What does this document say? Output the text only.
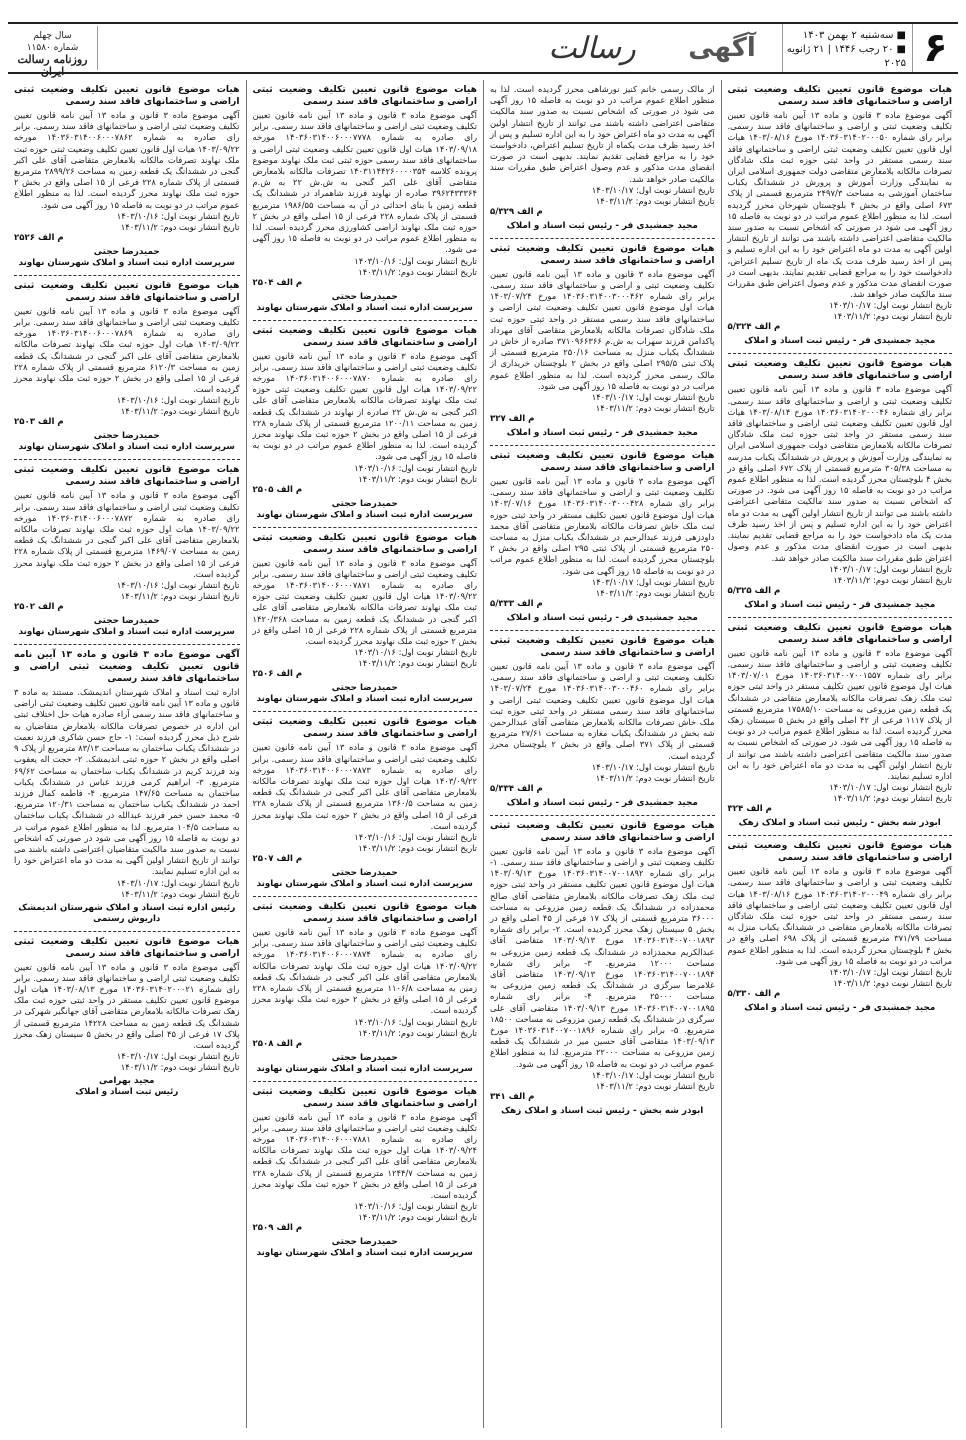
۶
■سه‌شنبه ۲ بهمن ۱۴۰۳
■۲۰ رجب ۱۴۴۶ | ۲۱ ژانویه ۲۰۲۵
آگهی
رسالت
سال چهلم
شماره ۱۱۵۸۰
روزنامه رسالت ایران
هیات موضوع قانون تعیین تکلیف وضعیت ثبتی اراضی و ساختمانهای فاقد سند رسمی
آگهی موضوع ماده ۳ قانون و ماده ۱۳ آیین نامه قانون تعیین تکلیف وضعیت ثبتی و اراضی و ساختمانهای فاقد سند رسمی. برابر رای شماره ۱۴۰۳۶۰۳۱۴۰۲۰۰۰۵۰ مورخ ۱۴۰۳/۰۸/۱۶ هیات اول قانون تعیین تکلیف وضعیت ثبتی اراضی و ساختمانهای فاقد سند رسمی مستقر در واحد ثبتی حوزه ثبت ملک شادگان تصرفات مالکانه بلامعارض متقاضی دولت جمهوری اسلامی ایران به نمایندگی وزارت آموزش و پرورش در ششدانگ یکباب ساختمان آموزشی به مساحت ۲۴۹۷/۳ مترمربع قسمتی از پلاک ۶۷۳ اصلی واقع در بخش ۴ بلوچستان شهرخان محرز گردیده است. لذا به منظور اطلاع عموم مراتب در دو نوبت به فاصله ۱۵ روز آگهی می شود در صورتی که اشخاص نسبت به صدور سند مالکیت متقاضی اعتراضی داشته باشند می توانند از تاریخ انتشار اولین آگهی به مدت دو ماه اعتراض خود را به این اداره تسلیم و پس از اخذ رسید ظرف مدت یک ماه از تاریخ تسلیم اعتراض، دادخواست خود را به مراجع قضایی تقدیم نمایند. بدیهی است در صورت انقضای مدت مذکور و عدم وصول اعتراض طبق مقررات سند مالکیت صادر خواهد شد.
تاریخ انتشار نوبت اول: ۱۴۰۳/۱۰/۱۷
تاریخ انتشار نوبت دوم: ۱۴۰۳/۱۱/۲
م الف ۵/۳۲۴
مجید جمشیدی فر - رئیس ثبت اسناد و املاک
هیات موضوع قانون تعیین تکلیف وضعیت ثبتی اراضی و ساختمانهای فاقد سند رسمی
آگهی موضوع ماده ۳ قانون و ماده ۱۳ آیین نامه قانون تعیین تکلیف وضعیت ثبتی و اراضی و ساختمانهای فاقد سند رسمی. برابر رای شماره ۱۴۰۳۶۰۳۱۴۰۲۰۰۰۴۶ مورخ ۱۴۰۳/۰۸/۱۴ هیات اول قانون تعیین تکلیف وضعیت ثبتی اراضی و ساختمانهای فاقد سند رسمی مستقر در واحد ثبتی حوزه ثبت ملک شادگان تصرفات مالکانه بلامعارض متقاضی دولت جمهوری اسلامی ایران به نمایندگی وزارت آموزش و پرورش در ششدانگ یکباب مدرسه به مساحت ۳۰۵/۳۸ مترمربع قسمتی از پلاک ۶۷۲ اصلی واقع در بخش ۴ بلوچستان محرز گردیده است. لذا به منظور اطلاع عموم مراتب در دو نوبت به فاصله ۱۵ روز آگهی می شود. در صورتی که اشخاص نسبت به صدور سند مالکیت متقاضی اعتراضی داشته باشند می توانند از تاریخ انتشار اولین آگهی به مدت دو ماه اعتراض خود را به این اداره تسلیم و پس از اخذ رسید ظرف مدت یک ماه دادخواست خود را به مراجع قضایی تقدیم نمایند. بدیهی است در صورت انقضای مدت مذکور و عدم وصول اعتراض طبق مقررات سند مالکیت صادر خواهد شد.
تاریخ انتشار نوبت اول: ۱۴۰۳/۱۰/۱۷
تاریخ انتشار نوبت دوم: ۱۴۰۳/۱۱/۲
م الف ۵/۳۲۵
مجید جمشیدی فر - رئیس ثبت اسناد و املاک
هیات موضوع قانون تعیین تکلیف وضعیت ثبتی اراضی و ساختمانهای فاقد سند رسمی
آگهی موضوع ماده ۳ قانون و ماده ۱۳ آیین نامه قانون تعیین تکلیف وضعیت ثبتی و اراضی و ساختمانهای فاقد سند رسمی. برابر رای شماره ۱۴۰۳۶۰۳۱۴۰۰۷۰۰۱۵۵۷ مورخ ۱۴۰۳/۰۷/۰۱ هیات اول موضوع قانون تعیین تکلیف مستقر در واحد ثبتی حوزه ثبت ملک زهک تصرفات مالکانه بلامعارض متقاضی در ششدانگ یک قطعه زمین مزروعی به مساحت ۱۷۵۸۵/۱۰ مترمربع قسمتی از پلاک ۱۱۱۷ فرعی از ۴۲ اصلی واقع در بخش ۵ سیستان زهک محرز گردیده است. لذا به منظور اطلاع عموم مراتب در دو نوبت به فاصله ۱۵ روز آگهی می شود. در صورتی که اشخاص نسبت به صدور سند مالکیت متقاضی اعتراضی داشته باشند می توانند از تاریخ انتشار اولین آگهی به مدت دو ماه اعتراض خود را به این اداره تسلیم نمایند.
تاریخ انتشار نوبت اول: ۱۴۰۳/۱۰/۱۷
تاریخ انتشار نوبت دوم: ۱۴۰۳/۱۱/۲
م الف ۳۲۴
ابوذر شه بخش - رئیس ثبت اسناد و املاک زهک
هیات موضوع قانون تعیین تکلیف وضعیت ثبتی اراضی و ساختمانهای فاقد سند رسمی
آگهی موضوع ماده ۳ قانون و ماده ۱۳ آیین نامه قانون تعیین تکلیف وضعیت ثبتی و اراضی و ساختمانهای فاقد سند رسمی. برابر رای شماره ۱۴۰۳۶۰۳۱۴۰۲۰۰۰۴۹ مورخ ۱۴۰۳/۰۸/۱۶ هیات اول قانون تعیین تکلیف وضعیت ثبتی اراضی و ساختمانهای فاقد سند رسمی مستقر در واحد ثبتی حوزه ثبت ملک شادگان تصرفات مالکانه بلامعارض متقاضی در ششدانگ یکباب منزل به مساحت ۳۷۱/۷۹ مترمربع قسمتی از پلاک ۶۹۸ اصلی واقع در بخش ۴ بلوچستان محرز گردیده است. لذا به منظور اطلاع عموم مراتب در دو نوبت به فاصله ۱۵ روز آگهی می شود.
تاریخ انتشار نوبت اول: ۱۴۰۳/۱۰/۱۷
تاریخ انتشار نوبت دوم: ۱۴۰۳/۱۱/۲
م الف ۵/۳۳۰
مجید جمشیدی فر - رئیس ثبت اسناد و املاک
از مالک رسمی خانم کنیز نورشاهی محرز گردیده است. لذا به منظور اطلاع عموم مراتب در دو نوبت به فاصله ۱۵ روز آگهی می شود در صورتی که اشخاص نسبت به صدور سند مالکیت متقاضی اعتراضی داشته باشند می توانند از تاریخ انتشار اولین آگهی به مدت دو ماه اعتراض خود را به این اداره تسلیم و پس از اخذ رسید ظرف مدت یکماه از تاریخ تسلیم اعتراض، دادخواست خود را به مراجع قضایی تقدیم نمایند. بدیهی است در صورت انقضای مدت مذکور و عدم وصول اعتراض طبق مقررات سند مالکیت صادر خواهد شد.
تاریخ انتشار نوبت اول: ۱۴۰۳/۱۰/۱۷
تاریخ انتشار نوبت دوم: ۱۴۰۳/۱۱/۲
م الف ۵/۳۲۹
مجید جمشیدی فر - رئیس ثبت اسناد و املاک
هیات موضوع قانون تعیین تکلیف وضعیت ثبتی اراضی و ساختمانهای فاقد سند رسمی
آگهی موضوع ماده ۳ قانون و ماده ۱۳ آیین نامه قانون تعیین تکلیف وضعیت ثبتی و اراضی و ساختمانهای فاقد سند رسمی. برابر رای شماره ۱۴۰۳۶۰۳۱۴۰۰۳۰۰۰۴۶۲ مورخ ۱۴۰۳/۰۷/۲۴ هیات اول موضوع قانون تعیین تکلیف وضعیت ثبتی اراضی و ساختمانهای فاقد سند رسمی مستقر در واحد ثبتی حوزه ثبت ملک شادگان تصرفات مالکانه بلامعارض متقاضی آقای مهرداد پاکدامن فرزند سهراب به ش.م ۳۷۱۰۹۶۶۳۶۶ صادره از خاش در ششدانگ یکباب منزل به مساحت ۲۵۰/۱۶ مترمربع قسمتی از پلاک ثبتی ۲۹۵/۵ اصلی واقع در بخش ۲ بلوچستان خریداری از مالک رسمی محرز گردیده است. لذا به منظور اطلاع عموم مراتب در دو نوبت به فاصله ۱۵ روز آگهی می شود.
تاریخ انتشار نوبت اول: ۱۴۰۳/۱۰/۱۷
تاریخ انتشار نوبت دوم: ۱۴۰۳/۱۱/۲
م الف ۳۲۷
مجید جمشیدی فر - رئیس ثبت اسناد و املاک
هیات موضوع قانون تعیین تکلیف وضعیت ثبتی اراضی و ساختمانهای فاقد سند رسمی
آگهی موضوع ماده ۳ قانون و ماده ۱۳ آیین نامه قانون تعیین تکلیف وضعیت ثبتی و اراضی و ساختمانهای فاقد سند رسمی. برابر رای شماره ۱۴۰۳۶۰۳۱۴۰۰۳۰۰۰۴۲۸ مورخ ۱۴۰۳/۰۷/۱۶ هیات اول موضوع قانون تعیین تکلیف مستقر در واحد ثبتی حوزه ثبت ملک خاش تصرفات مالکانه بلامعارض متقاضی آقای محمد داودزهی فرزند عبدالرحیم در ششدانگ یکباب منزل به مساحت ۲۵۰ مترمربع قسمتی از پلاک ثبتی ۲۹۵ اصلی واقع در بخش ۲ بلوچستان محرز گردیده است. لذا به منظور اطلاع عموم مراتب در دو نوبت به فاصله ۱۵ روز آگهی می شود.
تاریخ انتشار نوبت اول: ۱۴۰۳/۱۰/۱۷
تاریخ انتشار نوبت دوم: ۱۴۰۳/۱۱/۲
م الف ۵/۳۳۳
مجید جمشیدی فر - رئیس ثبت اسناد و املاک
هیات موضوع قانون تعیین تکلیف وضعیت ثبتی اراضی و ساختمانهای فاقد سند رسمی
آگهی موضوع ماده ۳ قانون و ماده ۱۳ آیین نامه قانون تعیین تکلیف وضعیت ثبتی و اراضی و ساختمانهای فاقد سند رسمی. برابر رای شماره ۱۴۰۳۶۰۳۱۴۰۰۳۰۰۰۴۶۰ مورخ ۱۴۰۳/۰۷/۲۴ هیات اول موضوع قانون تعیین تکلیف وضعیت ثبتی اراضی و ساختمانهای فاقد سند رسمی مستقر در واحد ثبتی حوزه ثبت ملک خاش تصرفات مالکانه بلامعارض متقاضی آقای عبدالرحمن شه بخش در ششدانگ یکباب مغازه به مساحت ۲۷/۶۱ مترمربع قسمتی از پلاک ۳۷۱ اصلی واقع در بخش ۲ بلوچستان محرز گردیده است.
تاریخ انتشار نوبت اول: ۱۴۰۳/۱۰/۱۷
تاریخ انتشار نوبت دوم: ۱۴۰۳/۱۱/۲
م الف ۵/۳۳۴
مجید جمشیدی فر - رئیس ثبت اسناد و املاک
هیات موضوع قانون تعیین تکلیف وضعیت ثبتی اراضی و ساختمانهای فاقد سند رسمی
آگهی موضوع ماده ۳ قانون و ماده ۱۳ آیین نامه قانون تعیین تکلیف وضعیت ثبتی و اراضی و ساختمانهای فاقد سند رسمی. ۱- برابر رای شماره ۱۴۰۳۶۰۳۱۴۰۰۷۰۰۱۸۹۲ مورخ ۱۴۰۳/۰۹/۱۳ هیات اول موضوع قانون تعیین تکلیف مستقر در واحد ثبتی حوزه ثبت ملک زهک تصرفات مالکانه بلامعارض متقاضی آقای صالح محمدزاده در ششدانگ یک قطعه زمین مزروعی به مساحت ۳۶۰۰۰ مترمربع قسمتی از پلاک ۱۷ فرعی از ۴۵ اصلی واقع در بخش ۵ سیستان زهک محرز گردیده است. ۲- برابر رای شماره ۱۴۰۳۶۰۳۱۴۰۰۷۰۰۱۸۹۳ مورخ ۱۴۰۳/۰۹/۱۳ متقاضی آقای عبدالکریم محمدزاده در ششدانگ یک قطعه زمین مزروعی به مساحت ۱۲۰۰۰ مترمربع. ۳- برابر رای شماره ۱۴۰۳۶۰۳۱۴۰۰۷۰۰۱۸۹۴ مورخ ۱۴۰۳/۰۹/۱۳ متقاضی آقای غلامرضا سرگزی در ششدانگ یک قطعه زمین مزروعی به مساحت ۲۵۰۰۰ مترمربع. ۴- برابر رای شماره ۱۴۰۳۶۰۳۱۴۰۰۷۰۰۱۸۹۵ مورخ ۱۴۰۳/۰۹/۱۳ متقاضی آقای علی سرگزی در ششدانگ یک قطعه زمین مزروعی به مساحت ۱۸۵۰۰ مترمربع. ۵- برابر رای شماره ۱۴۰۳۶۰۳۱۴۰۰۷۰۰۱۸۹۶ مورخ ۱۴۰۳/۰۹/۱۳ متقاضی آقای حسین میر در ششدانگ یک قطعه زمین مزروعی به مساحت ۲۲۰۰۰ مترمربع. لذا به منظور اطلاع عموم مراتب در دو نوبت به فاصله ۱۵ روز آگهی می شود.
تاریخ انتشار نوبت اول: ۱۴۰۳/۱۰/۱۷
تاریخ انتشار نوبت دوم: ۱۴۰۳/۱۱/۲
م الف ۳۴۱
ابوذر شه بخش - رئیس ثبت اسناد و املاک زهک
هیات موضوع قانون تعیین تکلیف وضعیت ثبتی اراضی و ساختمانهای فاقد سند رسمی
آگهی موضوع ماده ۳ قانون و ماده ۱۳ آیین نامه قانون تعیین تکلیف وضعیت ثبتی اراضی و ساختمانهای فاقد سند رسمی. برابر رای صادره به شماره ۱۴۰۳۶۰۳۱۴۰۰۶۰۰۰۷۷۷۸ مورخه ۱۴۰۳/۰۹/۱۸ هیات اول قانون تعیین تکلیف وضعیت ثبتی اراضی و ساختمانهای فاقد سند رسمی حوزه ثبتی ثبت ملک نهاوند موضوع پرونده کلاسه ۱۴۰۳۱۱۴۴۲۶۰۰۰۰۳۵۴ تصرفات مالکانه بلامعارض متقاضی آقای علی اکبر گنجی به ش.ش ۲۲ به ش.م ۳۹۶۲۴۳۳۳۶۴ صادره از نهاوند فرزند شاهمراد در ششدانگ یک قطعه زمین با بنای احداثی در آن به مساحت ۱۹۸۶/۵۵ مترمربع قسمتی از پلاک شماره ۲۲۸ فرعی از ۱۵ اصلی واقع در بخش ۲ حوزه ثبت ملک نهاوند اراضی کشاورزی محرز گردیده است. لذا به منظور اطلاع عموم مراتب در دو نوبت به فاصله ۱۵ روز آگهی می شود.
تاریخ انتشار نوبت اول: ۱۴۰۳/۱۰/۱۶
تاریخ انتشار نوبت دوم: ۱۴۰۳/۱۱/۲
م الف ۲۵۰۴
حمیدرضا حجتی
سرپرست اداره ثبت اسناد و املاک شهرستان نهاوند
هیات موضوع قانون تعیین تکلیف وضعیت ثبتی اراضی و ساختمانهای فاقد سند رسمی
آگهی موضوع ماده ۳ قانون و ماده ۱۳ آیین نامه قانون تعیین تکلیف وضعیت ثبتی اراضی و ساختمانهای فاقد سند رسمی. برابر رای صادره به شماره ۱۴۰۳۶۰۳۱۴۰۰۶۰۰۰۷۸۷۰ مورخه ۱۴۰۳/۰۹/۲۲ هیات اول قانون تعیین تکلیف وضعیت ثبتی حوزه ثبت ملک نهاوند تصرفات مالکانه بلامعارض متقاضی آقای علی اکبر گنجی به ش.ش ۲۲ صادره از نهاوند در ششدانگ یک قطعه زمین به مساحت ۱۲۰۰/۱۱ مترمربع قسمتی از پلاک شماره ۲۲۸ فرعی از ۱۵ اصلی واقع در بخش ۲ حوزه ثبت ملک نهاوند محرز گردیده است. لذا به منظور اطلاع عموم مراتب در دو نوبت به فاصله ۱۵ روز آگهی می شود.
تاریخ انتشار نوبت اول: ۱۴۰۳/۱۰/۱۶
تاریخ انتشار نوبت دوم: ۱۴۰۳/۱۱/۲
م الف ۲۵۰۵
حمیدرضا حجتی
سرپرست اداره ثبت اسناد و املاک شهرستان نهاوند
هیات موضوع قانون تعیین تکلیف وضعیت ثبتی اراضی و ساختمانهای فاقد سند رسمی
آگهی موضوع ماده ۳ قانون و ماده ۱۳ آیین نامه قانون تعیین تکلیف وضعیت ثبتی اراضی و ساختمانهای فاقد سند رسمی. برابر رای صادره به شماره ۱۴۰۳۶۰۳۱۴۰۰۶۰۰۰۷۸۷۱ مورخه ۱۴۰۳/۰۹/۲۲ هیات اول قانون تعیین تکلیف وضعیت ثبتی حوزه ثبت ملک نهاوند تصرفات مالکانه بلامعارض متقاضی آقای علی اکبر گنجی در ششدانگ یک قطعه زمین به مساحت ۱۴۲۰/۳۶۸ مترمربع قسمتی از پلاک شماره ۲۲۸ فرعی از ۱۵ اصلی واقع در بخش ۲ حوزه ثبت ملک نهاوند محرز گردیده است.
تاریخ انتشار نوبت اول: ۱۴۰۳/۱۰/۱۶
تاریخ انتشار نوبت دوم: ۱۴۰۳/۱۱/۲
م الف ۲۵۰۶
حمیدرضا حجتی
سرپرست اداره ثبت اسناد و املاک شهرستان نهاوند
هیات موضوع قانون تعیین تکلیف وضعیت ثبتی اراضی و ساختمانهای فاقد سند رسمی
آگهی موضوع ماده ۳ قانون و ماده ۱۳ آیین نامه قانون تعیین تکلیف وضعیت ثبتی اراضی و ساختمانهای فاقد سند رسمی. برابر رای صادره به شماره ۱۴۰۳۶۰۳۱۴۰۰۶۰۰۰۷۸۷۳ مورخه ۱۴۰۳/۰۹/۲۲ هیات اول حوزه ثبت ملک نهاوند تصرفات مالکانه بلامعارض متقاضی آقای علی اکبر گنجی در ششدانگ یک قطعه زمین به مساحت ۱۳۶۰/۵ مترمربع قسمتی از پلاک شماره ۲۲۸ فرعی از ۱۵ اصلی واقع در بخش ۲ حوزه ثبت ملک نهاوند محرز گردیده است.
تاریخ انتشار نوبت اول: ۱۴۰۳/۱۰/۱۶
تاریخ انتشار نوبت دوم: ۱۴۰۳/۱۱/۲
م الف ۲۵۰۷
حمیدرضا حجتی
سرپرست اداره ثبت اسناد و املاک شهرستان نهاوند
هیات موضوع قانون تعیین تکلیف وضعیت ثبتی اراضی و ساختمانهای فاقد سند رسمی
آگهی موضوع ماده ۳ قانون و ماده ۱۳ آیین نامه قانون تعیین تکلیف وضعیت ثبتی اراضی و ساختمانهای فاقد سند رسمی. برابر رای صادره به شماره ۱۴۰۳۶۰۳۱۴۰۰۶۰۰۰۷۸۷۴ مورخه ۱۴۰۳/۰۹/۲۲ هیات اول حوزه ثبت ملک نهاوند تصرفات مالکانه بلامعارض متقاضی آقای علی اکبر گنجی در ششدانگ یک قطعه زمین به مساحت ۱۱۰۶/۸ مترمربع قسمتی از پلاک شماره ۲۲۸ فرعی از ۱۵ اصلی واقع در بخش ۲ حوزه ثبت ملک نهاوند محرز گردیده است.
تاریخ انتشار نوبت اول: ۱۴۰۳/۱۰/۱۶
تاریخ انتشار نوبت دوم: ۱۴۰۳/۱۱/۲
م الف ۲۵۰۸
حمیدرضا حجتی
سرپرست اداره ثبت اسناد و املاک شهرستان نهاوند
هیات موضوع قانون تعیین تکلیف وضعیت ثبتی اراضی و ساختمانهای فاقد سند رسمی
آگهی موضوع ماده ۳ قانون و ماده ۱۳ آیین نامه قانون تعیین تکلیف وضعیت ثبتی اراضی و ساختمانهای فاقد سند رسمی. برابر رای صادره به شماره ۱۴۰۳۶۰۳۱۴۰۰۶۰۰۰۷۸۸۱ مورخه ۱۴۰۳/۰۹/۲۴ هیات اول حوزه ثبت ملک نهاوند تصرفات مالکانه بلامعارض متقاضی آقای علی اکبر گنجی در ششدانگ یک قطعه زمین به مساحت ۱۲۴۴/۷ مترمربع قسمتی از پلاک شماره ۲۲۸ فرعی از ۱۵ اصلی واقع در بخش ۲ حوزه ثبت ملک نهاوند محرز گردیده است.
تاریخ انتشار نوبت اول: ۱۴۰۳/۱۰/۱۶
تاریخ انتشار نوبت دوم: ۱۴۰۳/۱۱/۲
م الف ۲۵۰۹
حمیدرضا حجتی
سرپرست اداره ثبت اسناد و املاک شهرستان نهاوند
هیات موضوع قانون تعیین تکلیف وضعیت ثبتی اراضی و ساختمانهای فاقد سند رسمی
آگهی موضوع ماده ۳ قانون و ماده ۱۳ آیین نامه قانون تعیین تکلیف وضعیت ثبتی اراضی و ساختمانهای فاقد سند رسمی. برابر رای صادره به شماره ۱۴۰۳۶۰۳۱۴۰۰۶۰۰۰۷۸۶۲ مورخه ۱۴۰۳/۰۹/۲۲ هیات اول قانون تعیین تکلیف وضعیت ثبتی حوزه ثبت ملک نهاوند تصرفات مالکانه بلامعارض متقاضی آقای علی اکبر گنجی در ششدانگ یک قطعه زمین به مساحت ۲۸۹۹/۲۶ مترمربع قسمتی از پلاک شماره ۲۲۸ فرعی از ۱۵ اصلی واقع در بخش ۲ حوزه ثبت ملک نهاوند محرز گردیده است. لذا به منظور اطلاع عموم مراتب در دو نوبت به فاصله ۱۵ روز آگهی می شود.
تاریخ انتشار نوبت اول: ۱۴۰۳/۱۰/۱۶
تاریخ انتشار نوبت دوم: ۱۴۰۳/۱۱/۲
م الف ۲۵۲۶
حمیدرضا حجتی
سرپرست اداره ثبت اسناد و املاک شهرستان نهاوند
هیات موضوع قانون تعیین تکلیف وضعیت ثبتی اراضی و ساختمانهای فاقد سند رسمی
آگهی موضوع ماده ۳ قانون و ماده ۱۳ آیین نامه قانون تعیین تکلیف وضعیت ثبتی اراضی و ساختمانهای فاقد سند رسمی. برابر رای صادره به شماره ۱۴۰۳۶۰۳۱۴۰۰۶۰۰۰۷۸۶۹ مورخه ۱۴۰۳/۰۹/۲۲ هیات اول حوزه ثبت ملک نهاوند تصرفات مالکانه بلامعارض متقاضی آقای علی اکبر گنجی در ششدانگ یک قطعه زمین به مساحت ۶۱۲۰/۳ مترمربع قسمتی از پلاک شماره ۲۲۸ فرعی از ۱۵ اصلی واقع در بخش ۲ حوزه ثبت ملک نهاوند محرز گردیده است.
تاریخ انتشار نوبت اول: ۱۴۰۳/۱۰/۱۶
تاریخ انتشار نوبت دوم: ۱۴۰۳/۱۱/۲
م الف ۲۵۰۳
حمیدرضا حجتی
سرپرست اداره ثبت اسناد و املاک شهرستان نهاوند
هیات موضوع قانون تعیین تکلیف وضعیت ثبتی اراضی و ساختمانهای فاقد سند رسمی
آگهی موضوع ماده ۳ قانون و ماده ۱۳ آیین نامه قانون تعیین تکلیف وضعیت ثبتی اراضی و ساختمانهای فاقد سند رسمی. برابر رای صادره به شماره ۱۴۰۳۶۰۳۱۴۰۰۶۰۰۰۷۸۷۲ مورخه ۱۴۰۳/۰۹/۲۲ هیات اول حوزه ثبت ملک نهاوند تصرفات مالکانه بلامعارض متقاضی آقای علی اکبر گنجی در ششدانگ یک قطعه زمین به مساحت ۱۴۶۹/۰۷ مترمربع قسمتی از پلاک شماره ۲۲۸ فرعی از ۱۵ اصلی واقع در بخش ۲ حوزه ثبت ملک نهاوند محرز گردیده است.
تاریخ انتشار نوبت اول: ۱۴۰۳/۱۰/۱۶
تاریخ انتشار نوبت دوم: ۱۴۰۳/۱۱/۲
م الف ۲۵۰۲
حمیدرضا حجتی
سرپرست اداره ثبت اسناد و املاک شهرستان نهاوند
آگهی موضوع ماده ۳ قانون و ماده ۱۳ آیین نامه قانون تعیین تکلیف وضعیت ثبتی اراضی و ساختمانهای فاقد سند رسمی
اداره ثبت اسناد و املاک شهرستان اندیمشک. مستند به ماده ۳ قانون و ماده ۱۳ آیین نامه قانون تعیین تکلیف وضعیت ثبتی اراضی و ساختمانهای فاقد سند رسمی آراء صادره هیات حل اختلاف ثبتی این اداره در خصوص تصرفات مالکانه بلامعارض متقاضیان به شرح ذیل محرز گردیده است: ۱- حاج حسن شاکری فرزند نعمت در ششدانگ یکباب ساختمان به مساحت ۸۳/۱۳ مترمربع از پلاک ۹ اصلی واقع در بخش ۲ حوزه ثبتی اندیمشک. ۲- حجت اله یعقوب وند فرزند کریم در ششدانگ یکباب ساختمان به مساحت ۶۹/۶۲ مترمربع. ۳- ابراهیم کرمی فرزند عباس در ششدانگ یکباب ساختمان به مساحت ۱۴۷/۶۵ مترمربع. ۴- فاطمه کمال فرزند احمد در ششدانگ یکباب ساختمان به مساحت ۱۲۰/۳۱ مترمربع. ۵- محمد حسن خمر فرزند عبدالله در ششدانگ یکباب ساختمان به مساحت ۱۰۴/۵ مترمربع. لذا به منظور اطلاع عموم مراتب در دو نوبت به فاصله ۱۵ روز آگهی می شود در صورتی که اشخاص نسبت به صدور سند مالکیت متقاضیان اعتراضی داشته باشند می توانند از تاریخ انتشار اولین آگهی به مدت دو ماه اعتراض خود را به این اداره تسلیم نمایند.
تاریخ انتشار نوبت اول: ۱۴۰۳/۱۰/۱۷
تاریخ انتشار نوبت دوم: ۱۴۰۳/۱۱/۲
رئیس اداره ثبت اسناد و املاک شهرستان اندیمشک
داریوش رستمی
هیات موضوع قانون تعیین تکلیف وضعیت ثبتی اراضی و ساختمانهای فاقد سند رسمی
آگهی موضوع ماده ۳ قانون و ماده ۱۳ آیین نامه قانون تعیین تکلیف وضعیت ثبتی اراضی و ساختمانهای فاقد سند رسمی. برابر رای شماره ۱۴۰۳۶۰۳۱۴۰۲۰۰۰۲۱ مورخ ۱۴۰۳/۰۸/۱۳ هیات اول موضوع قانون تعیین تکلیف مستقر در واحد ثبتی حوزه ثبت ملک زهک تصرفات مالکانه بلامعارض متقاضی آقای جهانگیر شهرکی در ششدانگ یک قطعه زمین به مساحت ۱۴۲۲۸ مترمربع قسمتی از پلاک ۱۷ فرعی از ۴۵ اصلی واقع در بخش ۵ سیستان زهک محرز گردیده است.
تاریخ انتشار نوبت اول: ۱۴۰۳/۱۰/۱۷
تاریخ انتشار نوبت دوم: ۱۴۰۳/۱۱/۲
مجید بهرامی
رئیس ثبت اسناد و املاک
